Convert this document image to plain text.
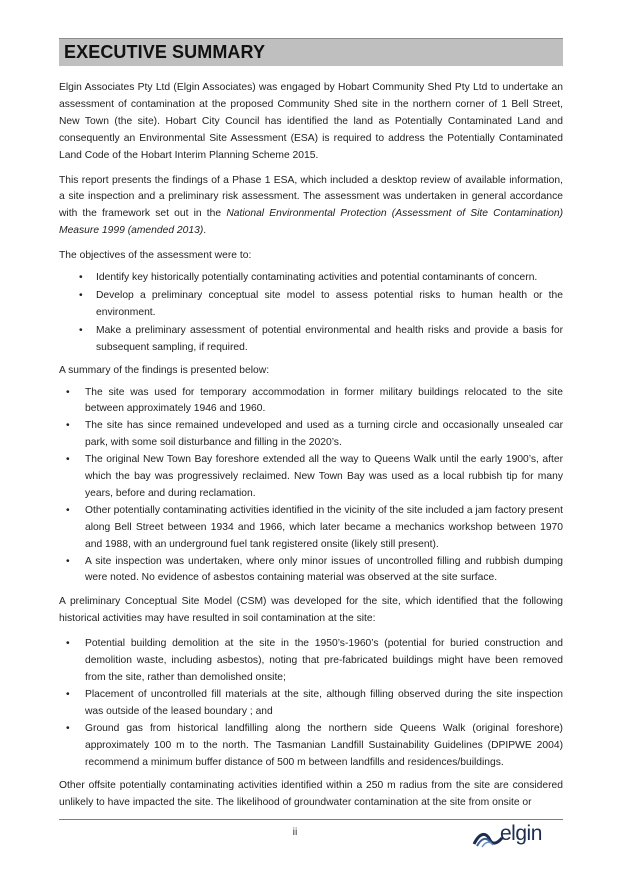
EXECUTIVE SUMMARY

Elgin Associates Pty Ltd (Elgin Associates) was engaged by Hobart Community Shed Pty Ltd to undertake an assessment of contamination at the proposed Community Shed site in the northern corner of 1 Bell Street, New Town (the site). Hobart City Council has identified the land as Potentially Contaminated Land and consequently an Environmental Site Assessment (ESA) is required to address the Potentially Contaminated Land Code of the Hobart Interim Planning Scheme 2015.

This report presents the findings of a Phase 1 ESA, which included a desktop review of available information, a site inspection and a preliminary risk assessment. The assessment was undertaken in general accordance with the framework set out in the National Environmental Protection (Assessment of Site Contamination) Measure 1999 (amended 2013).

The objectives of the assessment were to:

• Identify key historically potentially contaminating activities and potential contaminants of concern.
• Develop a preliminary conceptual site model to assess potential risks to human health or the environment.
• Make a preliminary assessment of potential environmental and health risks and provide a basis for subsequent sampling, if required.

A summary of the findings is presented below:

• The site was used for temporary accommodation in former military buildings relocated to the site between approximately 1946 and 1960.
• The site has since remained undeveloped and used as a turning circle and occasionally unsealed car park, with some soil disturbance and filling in the 2020’s.
• The original New Town Bay foreshore extended all the way to Queens Walk until the early 1900’s, after which the bay was progressively reclaimed. New Town Bay was used as a local rubbish tip for many years, before and during reclamation.
• Other potentially contaminating activities identified in the vicinity of the site included a jam factory present along Bell Street between 1934 and 1966, which later became a mechanics workshop between 1970 and 1988, with an underground fuel tank registered onsite (likely still present).
• A site inspection was undertaken, where only minor issues of uncontrolled filling and rubbish dumping were noted. No evidence of asbestos containing material was observed at the site surface.

A preliminary Conceptual Site Model (CSM) was developed for the site, which identified that the following historical activities may have resulted in soil contamination at the site:

• Potential building demolition at the site in the 1950’s-1960’s (potential for buried construction and demolition waste, including asbestos), noting that pre-fabricated buildings might have been removed from the site, rather than demolished onsite;
• Placement of uncontrolled fill materials at the site, although filling observed during the site inspection was outside of the leased boundary ; and
• Ground gas from historical landfilling along the northern side Queens Walk (original foreshore) approximately 100 m to the north. The Tasmanian Landfill Sustainability Guidelines (DPIPWE 2004) recommend a minimum buffer distance of 500 m between landfills and residences/buildings.

Other offsite potentially contaminating activities identified within a 250 m radius from the site are considered unlikely to have impacted the site. The likelihood of groundwater contamination at the site from onsite or

ii	elgin
